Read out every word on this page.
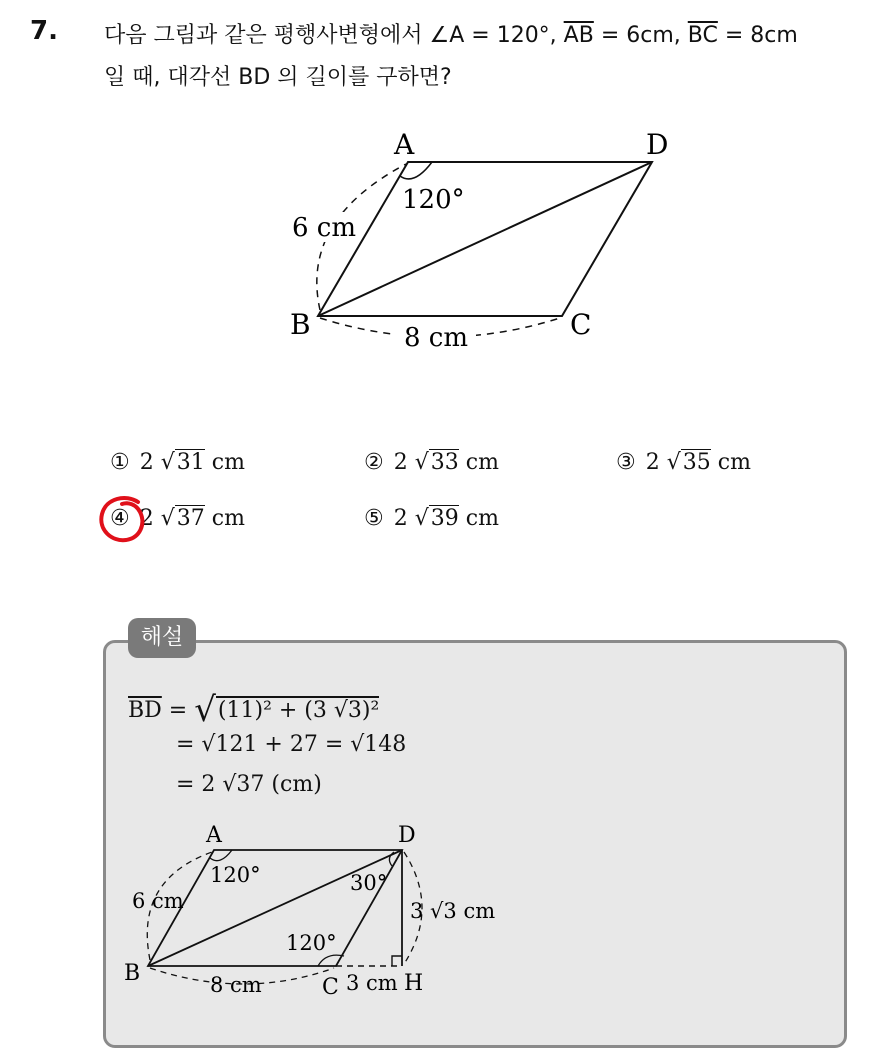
7. 다음 그림과 같은 평행사변형에서 ∠A = 120°, $\overline{AB} = 6cm$, $\overline{BC} = 8cm$
일 때, 대각선 BD 의 길이를 구하면?
A	D
B	C
120°
6 cm
8 cm
① 2 √31 cm	② 2 √33 cm	③ 2 √35 cm
④ 2 √37 cm	⑤ 2 √39 cm
해설
$\overline{BD} = √(11)^2 + (3$ √3)²
= √121 + 27 = √148
= 2 √37 (cm)
A	D
B
C	H
120°
120°
30°
6 cm
8 cm	3 cm
3 √3 cm
